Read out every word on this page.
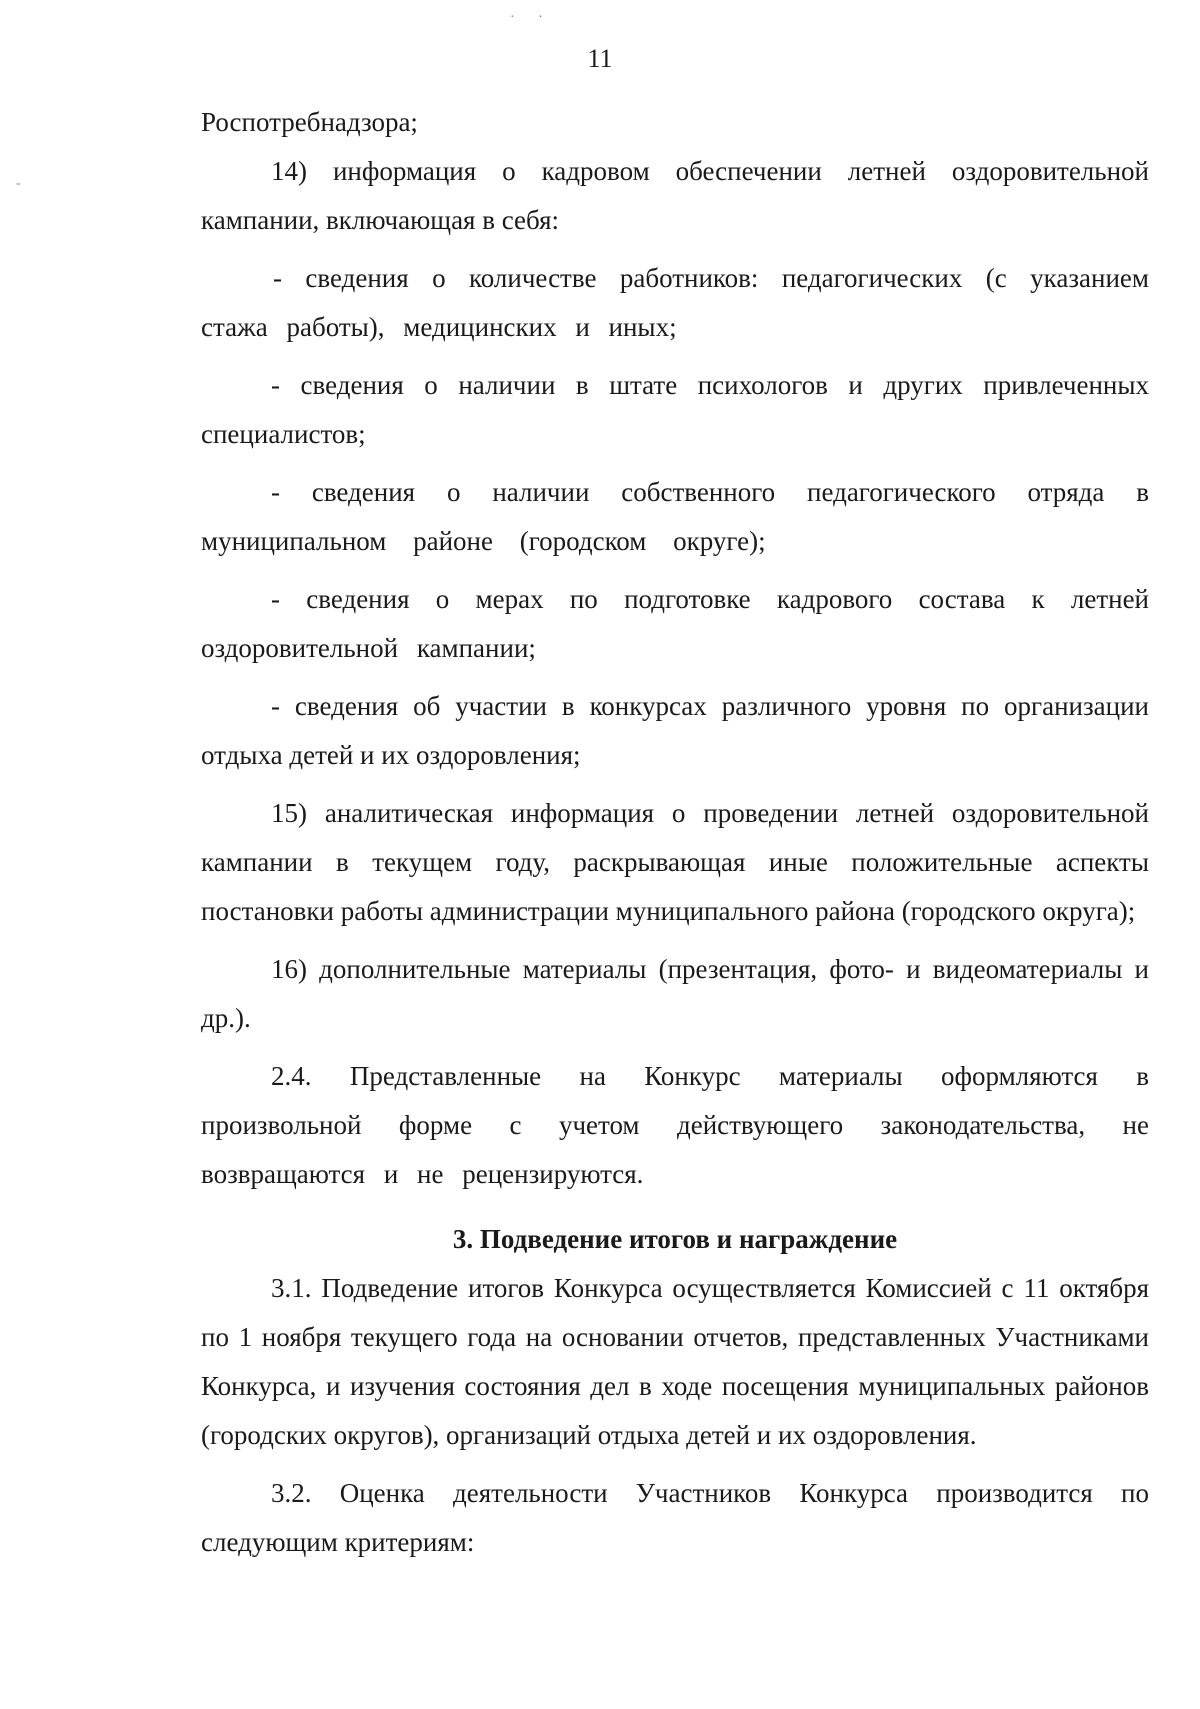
· ·
-
11

Роспотребнадзора;

14) информация о кадровом обеспечении летней оздоровительной кампании, включающая в себя:

- сведения о количестве работников: педагогических (с указанием стажа работы), медицинских и иных;

- сведения о наличии в штате психологов и других привлеченных специалистов;

- сведения о наличии собственного педагогического отряда в муниципальном районе (городском округе);

- сведения о мерах по подготовке кадрового состава к летней оздоровительной кампании;

- сведения об участии в конкурсах различного уровня по организации отдыха детей и их оздоровления;

15) аналитическая информация о проведении летней оздоровительной кампании в текущем году, раскрывающая иные положительные аспекты постановки работы администрации муниципального района (городского округа);

16) дополнительные материалы (презентация, фото- и видеоматериалы и др.).

2.4. Представленные на Конкурс материалы оформляются в произвольной форме с учетом действующего законодательства, не возвращаются и не рецензируются.

3. Подведение итогов и награждение

3.1. Подведение итогов Конкурса осуществляется Комиссией с 11 октября по 1 ноября текущего года на основании отчетов, представленных Участниками Конкурса, и изучения состояния дел в ходе посещения муниципальных районов (городских округов), организаций отдыха детей и их оздоровления.

3.2. Оценка деятельности Участников Конкурса производится по следующим критериям:
